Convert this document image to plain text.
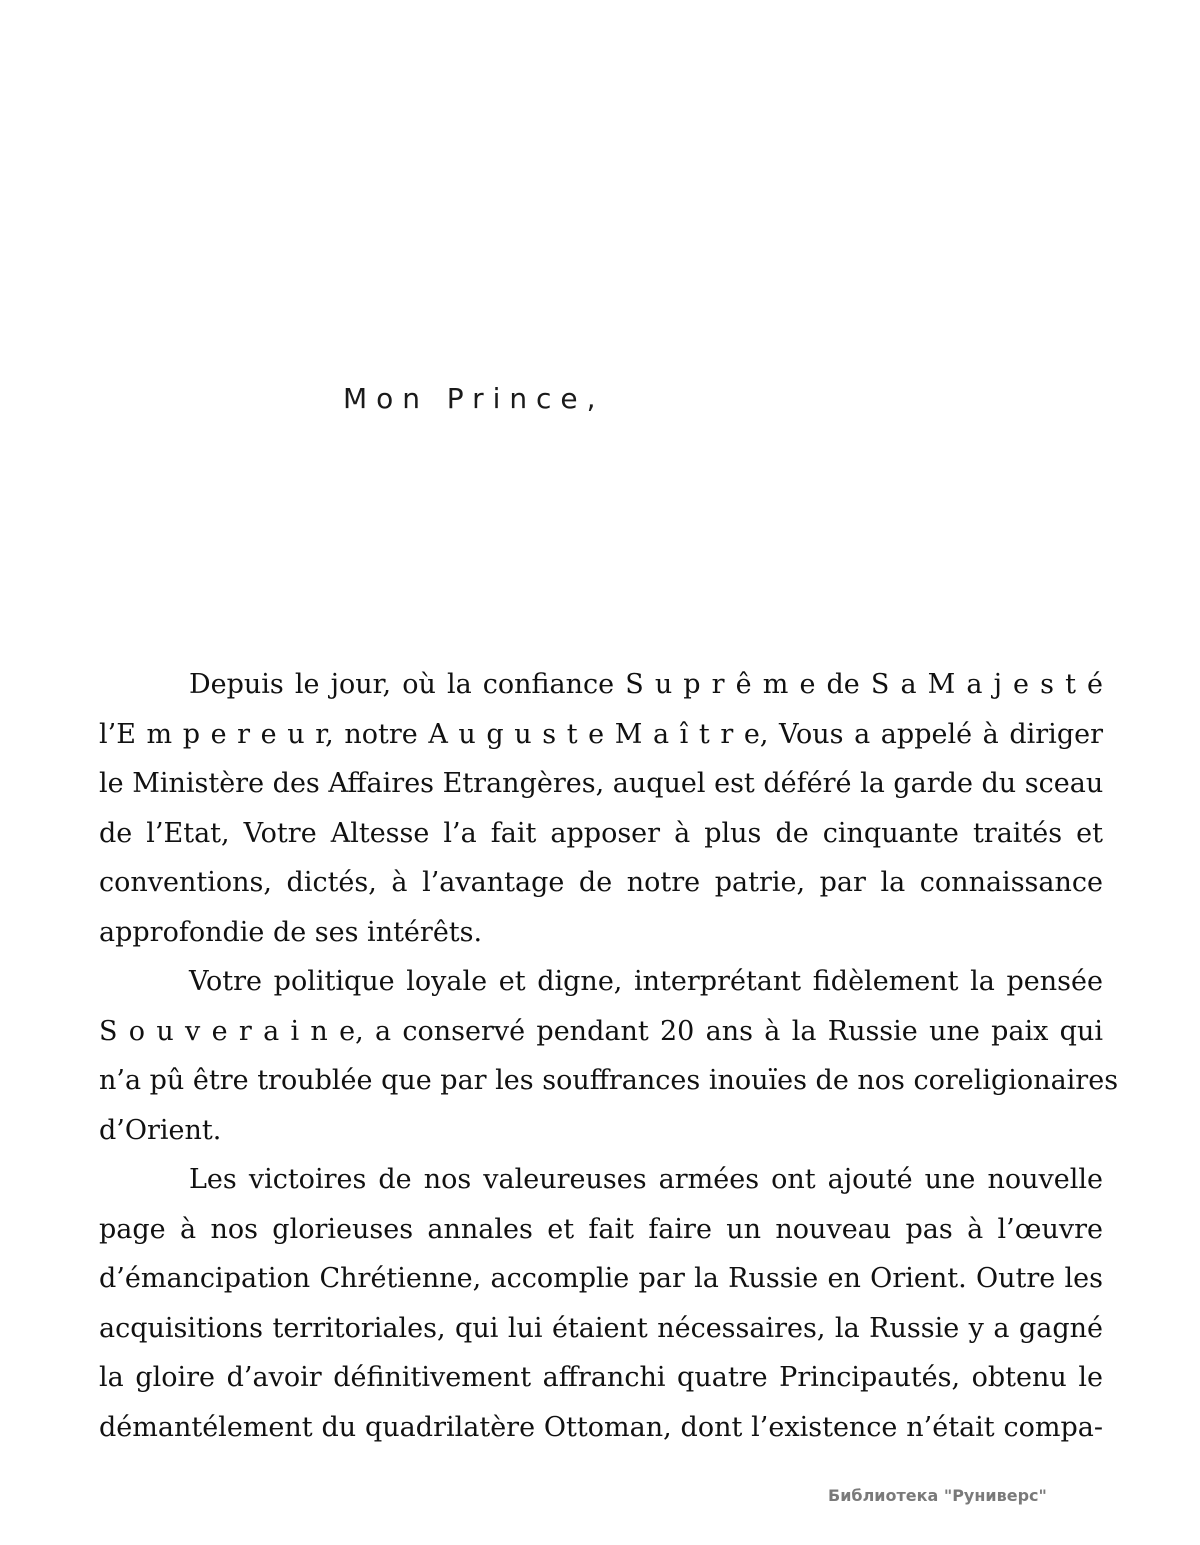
Mon Prince,
Depuis le jour, où la confiance S u p r ê m e de S a M a j e s t é
l’E m p e r e u r, notre A u g u s t e M a î t r e, Vous a appelé à diriger
le Ministère des Affaires Etrangères, auquel est déféré la garde du sceau
de l’Etat, Votre Altesse l’a fait apposer à plus de cinquante traités et
conventions, dictés, à l’avantage de notre patrie, par la connaissance
approfondie de ses intérêts.
Votre politique loyale et digne, interprétant fidèlement la pensée
S o u v e r a i n e, a conservé pendant 20 ans à la Russie une paix qui
n’a pû être troublée que par les souffrances inouïes de nos coreligionaires
d’Orient.
Les victoires de nos valeureuses armées ont ajouté une nouvelle
page à nos glorieuses annales et fait faire un nouveau pas à l’œuvre
d’émancipation Chrétienne, accomplie par la Russie en Orient. Outre les
acquisitions territoriales, qui lui étaient nécessaires, la Russie y a gagné
la gloire d’avoir définitivement affranchi quatre Principautés, obtenu le
démantélement du quadrilatère Ottoman, dont l’existence n’était compa-
Библиотека "Руниверс"
